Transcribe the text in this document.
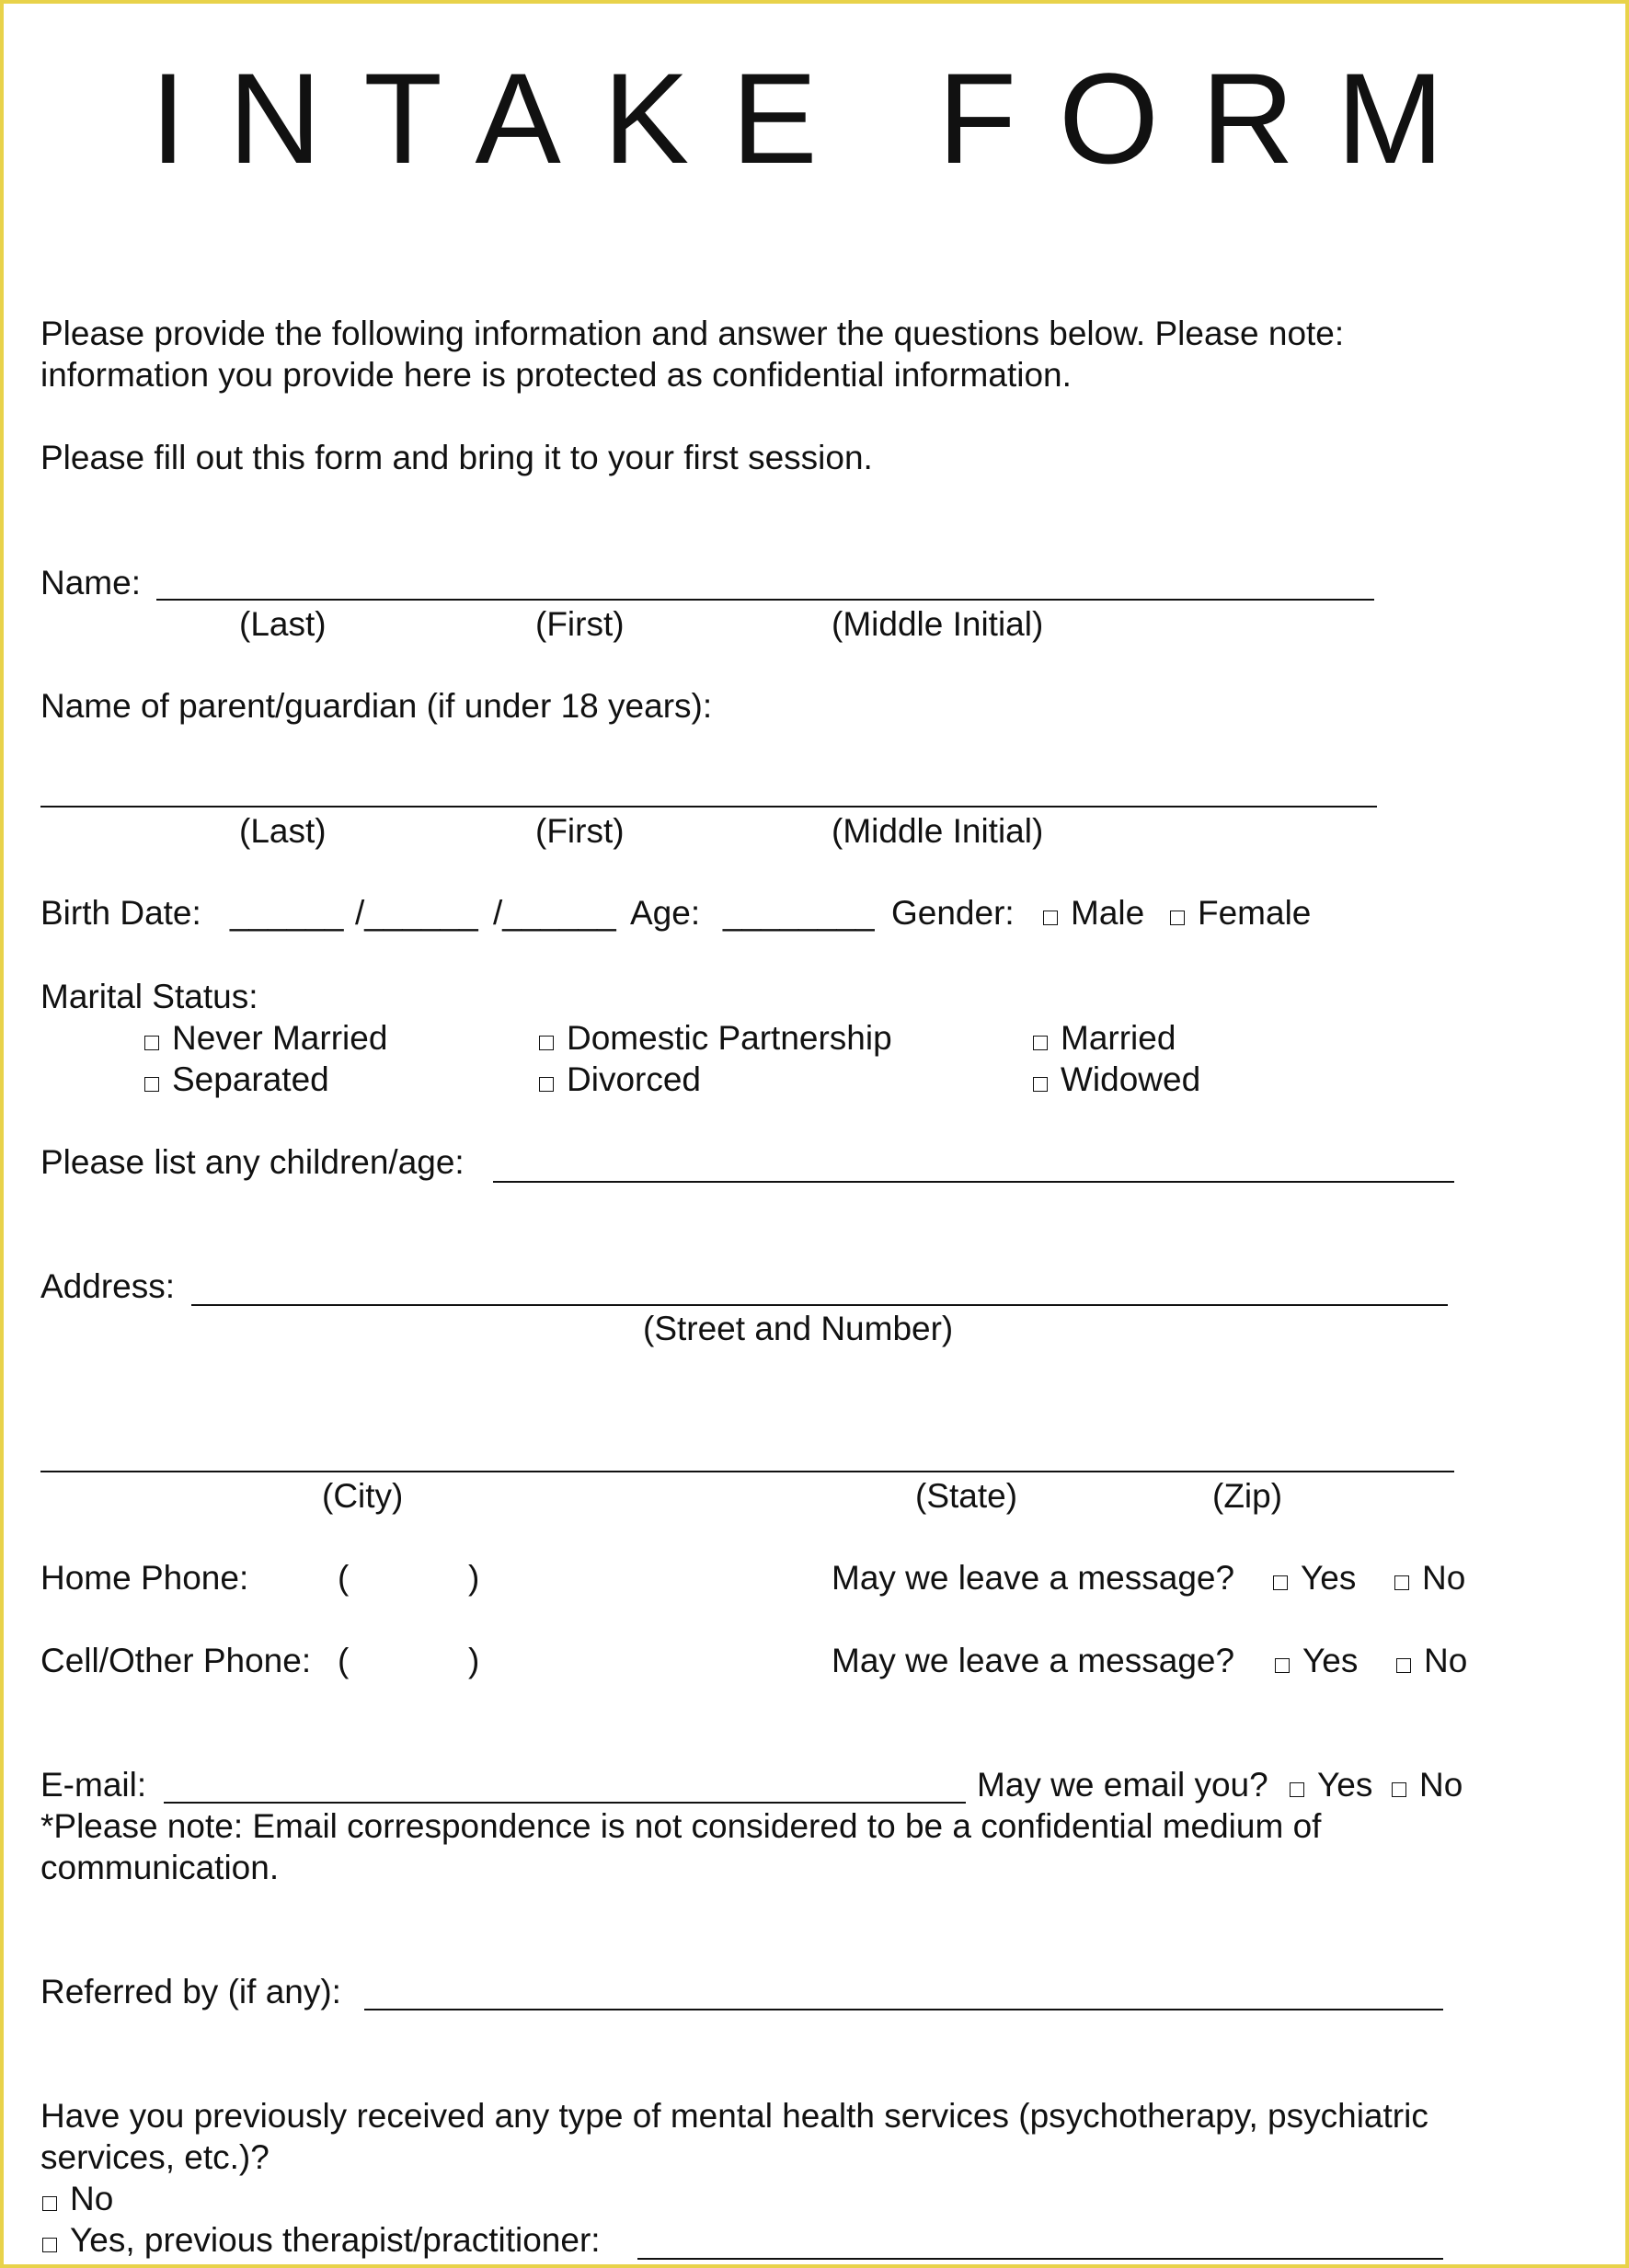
INTAKE FORM
Please provide the following information and answer the questions below. Please note:
information you provide here is protected as confidential information.
Please fill out this form and bring it to your first session.
Name:
(Last)	(First)	(Middle Initial)
Name of parent/guardian (if under 18 years):
(Last)	(First)	(Middle Initial)
Birth Date: ______ /______ /______ Age: ________ Gender:	Male	Female
Marital Status:
Never Married	Domestic Partnership	Married
Separated	Divorced	Widowed
Please list any children/age:
Address:
(Street and Number)
(City)	(State)	(Zip)
Home Phone:	(	)	May we leave a message?	Yes	No
Cell/Other Phone: (	)	May we leave a message?	Yes	No
E-mail:	May we email you?	Yes	No
*Please note: Email correspondence is not considered to be a confidential medium of
communication.
Referred by (if any):
Have you previously received any type of mental health services (psychotherapy, psychiatric
services, etc.)?
No
Yes, previous therapist/practitioner:
